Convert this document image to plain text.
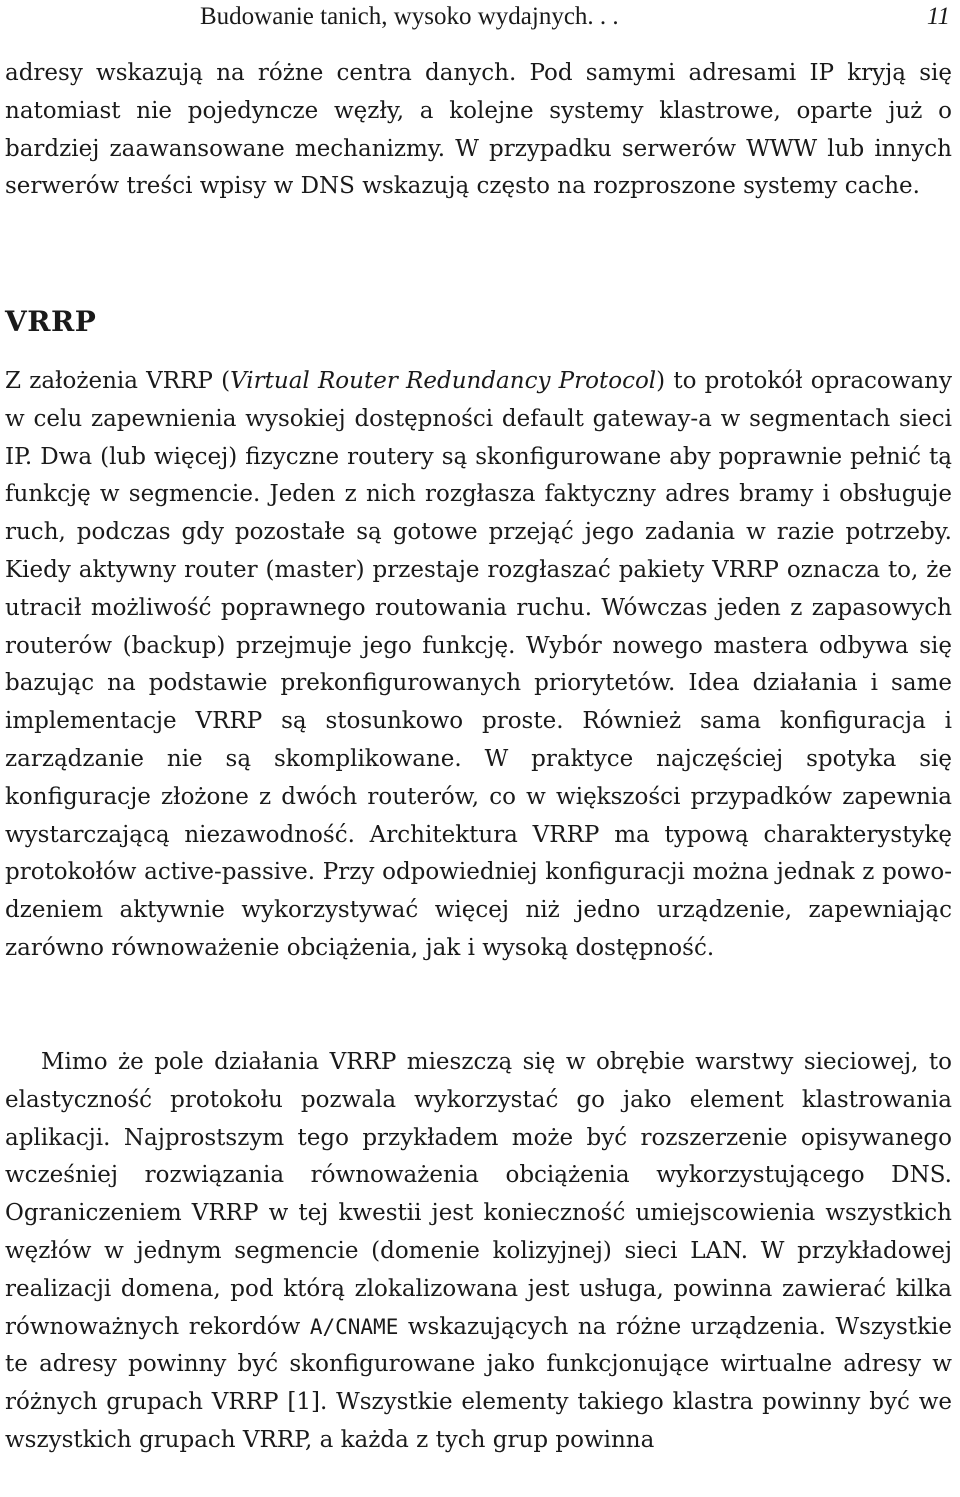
Budowanie tanich, wysoko wydajnych. . .	11

adresy wskazują na różne centra danych. Pod samymi adresami IP kryją się natomiast nie pojedyncze węzły, a kolejne systemy klastrowe, oparte już o bardziej zaawansowane mechanizmy. W przypadku serwerów WWW lub innych serwerów treści wpisy w DNS wskazują często na rozproszone systemy cache.

VRRP

Z założenia VRRP (Virtual Router Redundancy Protocol) to protokół opracowany w celu zapewnienia wysokiej dostępności default gateway-a w segmentach sieci IP. Dwa (lub więcej) fizyczne routery są skonfigurowane aby poprawnie pełnić tą funkcję w segmencie. Jeden z nich rozgłasza faktyczny adres bramy i obsługuje ruch, podczas gdy pozostałe są gotowe przejąć jego zadania w razie potrzeby. Kiedy aktywny router (master) przestaje rozgłaszać pakiety VRRP oznacza to, że utracił możliwość poprawnego routowania ruchu. Wówczas jeden z zapasowych routerów (backup) przejmuje jego funkcję. Wybór nowego mastera odbywa się bazując na podstawie prekonfigurowanych priorytetów. Idea działania i same implementacje VRRP są stosunkowo proste. Również sama konfiguracja i zarządzanie nie są skomplikowane. W praktyce najczęściej spotyka się konfiguracje złożone z dwóch routerów, co w większości przypadków zapewnia wystarczającą niezawodność. Architektura VRRP ma typową charakterystykę protokołów active-passive. Przy odpowiedniej konfiguracji można jednak z powodzeniem aktywnie wykorzystywać więcej niż jedno urządzenie, zapewniając zarówno równoważenie obciążenia, jak i wysoką dostępność.

Mimo że pole działania VRRP mieszczą się w obrębie warstwy sieciowej, to elastyczność protokołu pozwala wykorzystać go jako element klastrowania aplikacji. Najprostszym tego przykładem może być rozszerzenie opisywanego wcześniej rozwiązania równoważenia obciążenia wykorzystującego DNS. Ograniczeniem VRRP w tej kwestii jest konieczność umiejscowienia wszystkich węzłów w jednym segmencie (domenie kolizyjnej) sieci LAN. W przykładowej realizacji domena, pod którą zlokalizowana jest usługa, powinna zawierać kilka równoważnych rekordów A/CNAME wskazujących na różne urządzenia. Wszystkie te adresy powinny być skonfigurowane jako funkcjonujące wirtualne adresy w różnych grupach VRRP [1]. Wszystkie elementy takiego klastra powinny być we wszystkich grupach VRRP, a każda z tych grup powinna
